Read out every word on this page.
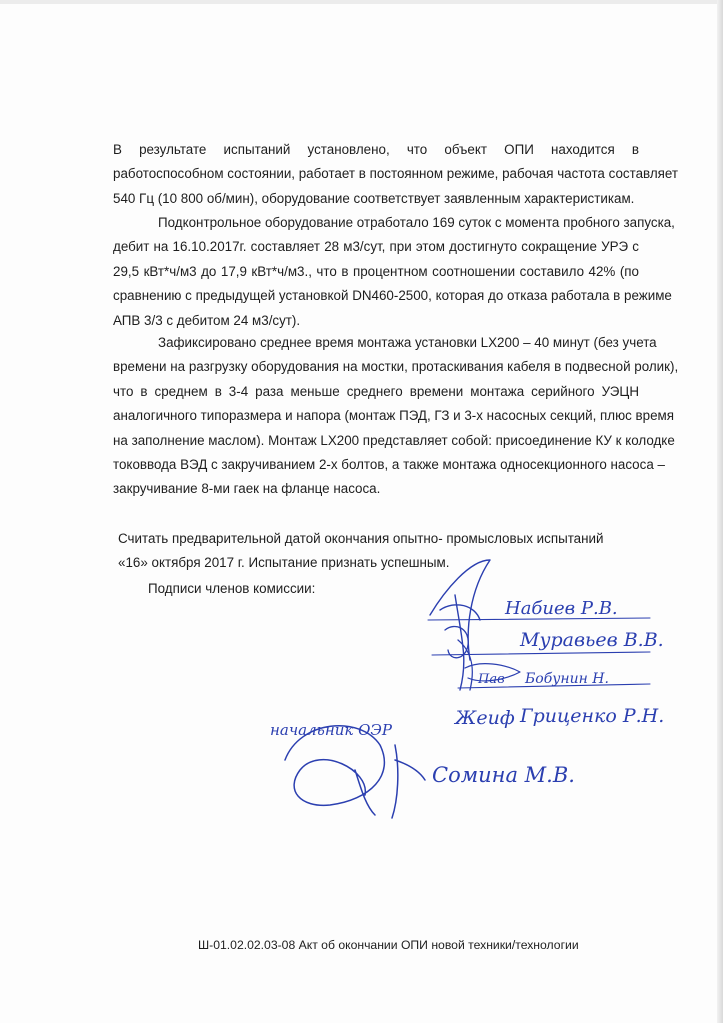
В результате испытаний установлено, что объект ОПИ находится в
работоспособном состоянии, работает в постоянном режиме, рабочая частота составляет
540 Гц (10 800 об/мин), оборудование соответствует заявленным характеристикам.
Подконтрольное оборудование отработало 169 суток с момента пробного запуска,
дебит на 16.10.2017г. составляет 28 м3/сут, при этом достигнуто сокращение УРЭ с
29,5 кВт*ч/м3 до 17,9 кВт*ч/м3., что в процентном соотношении составило 42% (по
сравнению с предыдущей установкой DN460-2500, которая до отказа работала в режиме
АПВ 3/3 с дебитом 24 м3/сут).
Зафиксировано среднее время монтажа установки LX200 – 40 минут (без учета
времени на разгрузку оборудования на мостки, протаскивания кабеля в подвесной ролик),
что в среднем в 3-4 раза меньше среднего времени монтажа серийного УЭЦН
аналогичного типоразмера и напора (монтаж ПЭД, ГЗ и 3-х насосных секций, плюс время
на заполнение маслом). Монтаж LX200 представляет собой: присоединение КУ к колодке
токоввода ВЭД с закручиванием 2-х болтов, а также монтажа односекционного насоса –
закручивание 8-ми гаек на фланце насоса.
Считать предварительной датой окончания опытно- промысловых испытаний
«16» октября 2017 г. Испытание признать успешным.
Подписи членов комиссии:
Набиев Р.В.
Муравьев В.В.
Пав Бобунин Н.
начальник ОЭР
Жеиф Гриценко Р.Н.
Сомина М.В.
Ш-01.02.02.03-08 Акт об окончании ОПИ новой техники/технологии
